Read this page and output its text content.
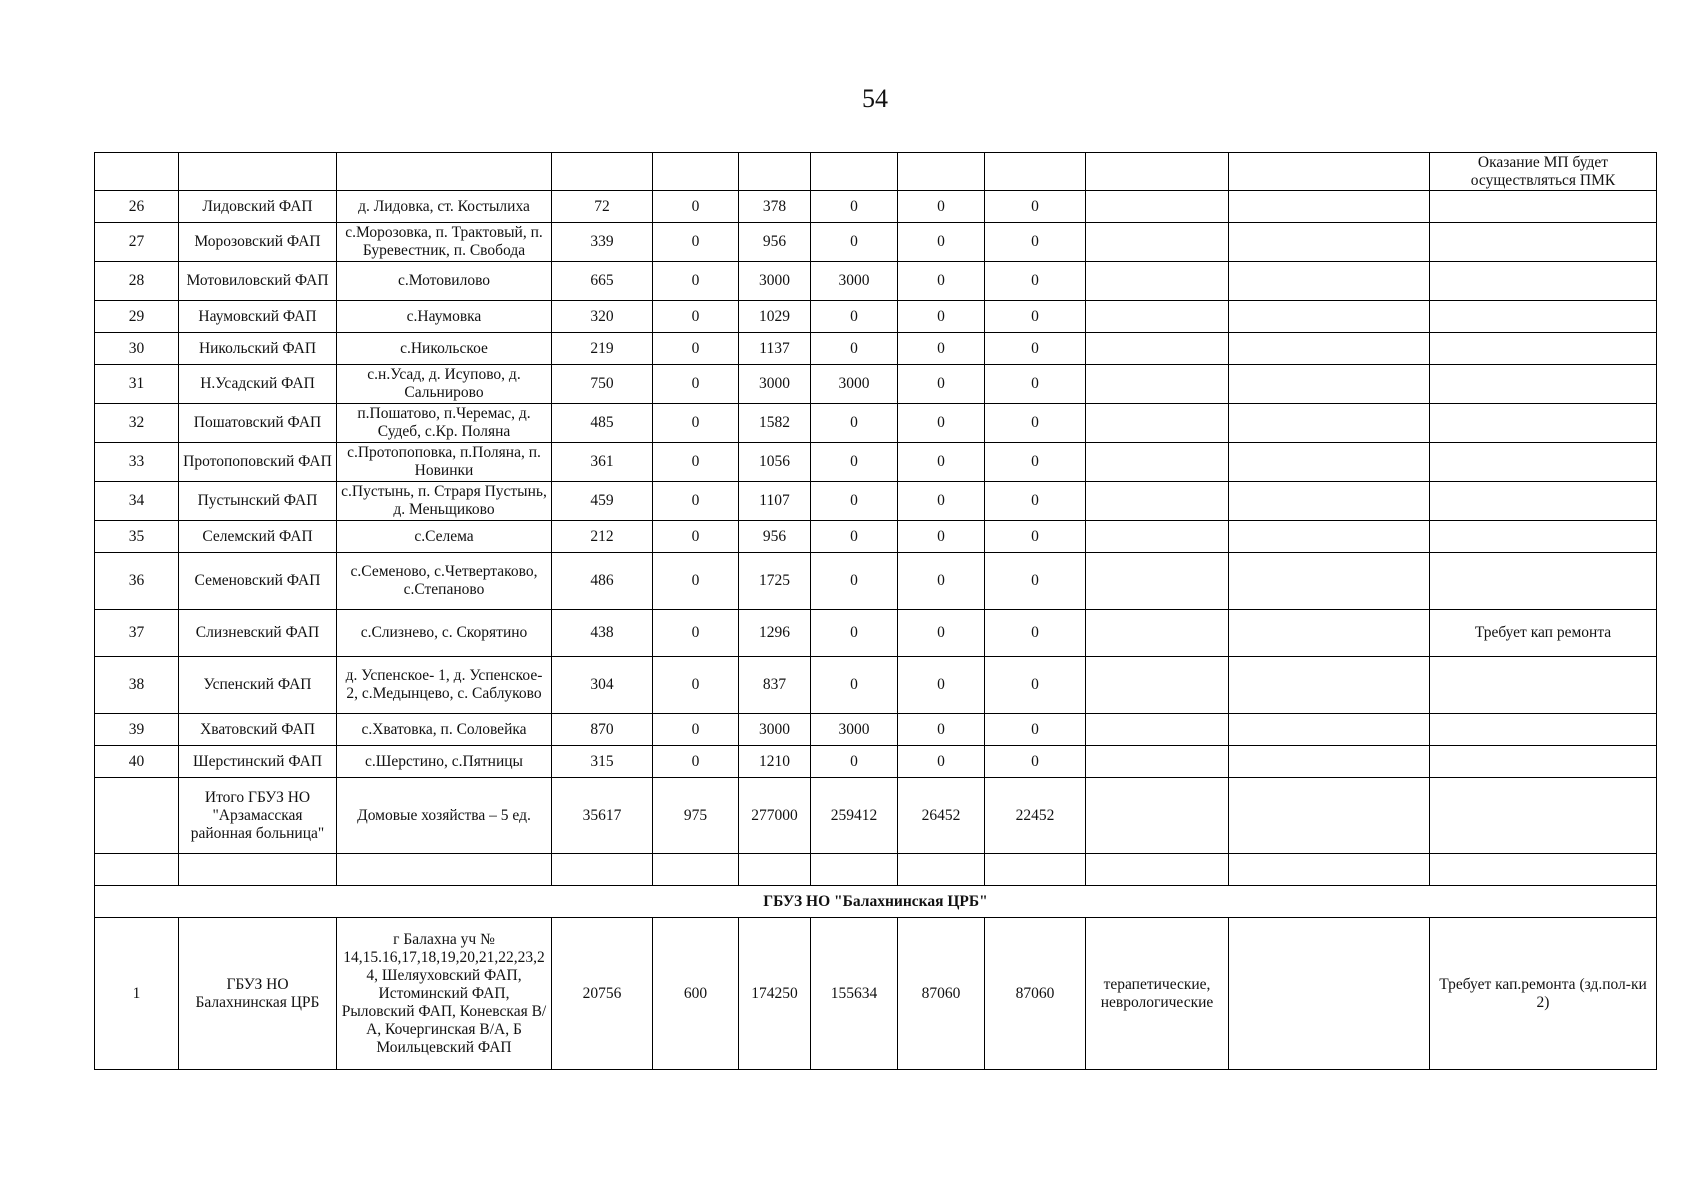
54
											Оказание МП будет осуществляться ПМК
26	Лидовский ФАП	д. Лидовка, ст. Костылиха	72	0	378	0	0	0			
27	Морозовский ФАП	с.Морозовка, п. Трактовый, п. Буревестник, п. Свобода	339	0	956	0	0	0			
28	Мотовиловский ФАП	с.Мотовилово	665	0	3000	3000	0	0			
29	Наумовский ФАП	с.Наумовка	320	0	1029	0	0	0			
30	Никольский ФАП	с.Никольское	219	0	1137	0	0	0			
31	Н.Усадский ФАП	с.н.Усад, д. Исупово, д. Сальнирово	750	0	3000	3000	0	0			
32	Пошатовский ФАП	п.Пошатово, п.Черемас, д. Судеб, с.Кр. Поляна	485	0	1582	0	0	0			
33	Протопоповский ФАП	с.Протопоповка, п.Поляна, п. Новинки	361	0	1056	0	0	0			
34	Пустынский ФАП	с.Пустынь, п. Страря Пустынь, д. Меньщиково	459	0	1107	0	0	0			
35	Селемский ФАП	с.Селема	212	0	956	0	0	0			
36	Семеновский ФАП	с.Семеново, с.Четвертаково, с.Степаново	486	0	1725	0	0	0			
37	Слизневский ФАП	с.Слизнево, с. Скорятино	438	0	1296	0	0	0			Требует кап ремонта
38	Успенский ФАП	д. Успенское- 1, д. Успенское- 2, с.Медынцево, с. Саблуково	304	0	837	0	0	0			
39	Хватовский ФАП	с.Хватовка, п. Соловейка	870	0	3000	3000	0	0			
40	Шерстинский ФАП	с.Шерстино, с.Пятницы	315	0	1210	0	0	0			
	Итого ГБУЗ НО "Арзамасская районная больница"	Домовые хозяйства – 5 ед.	35617	975	277000	259412	26452	22452			

ГБУЗ НО "Балахнинская ЦРБ"											
1	ГБУЗ НО Балахнинская ЦРБ	г Балахна уч № 14,15.16,17,18,19,20,21,22,23,24, Шеляуховский ФАП, Истоминский ФАП, Рыловский ФАП, Коневская В/А, Кочергинская В/А, Б Моильцевский ФАП	20756	600	174250	155634	87060	87060	терапетические, неврологические		Требует кап.ремонта (зд.пол-ки 2)
